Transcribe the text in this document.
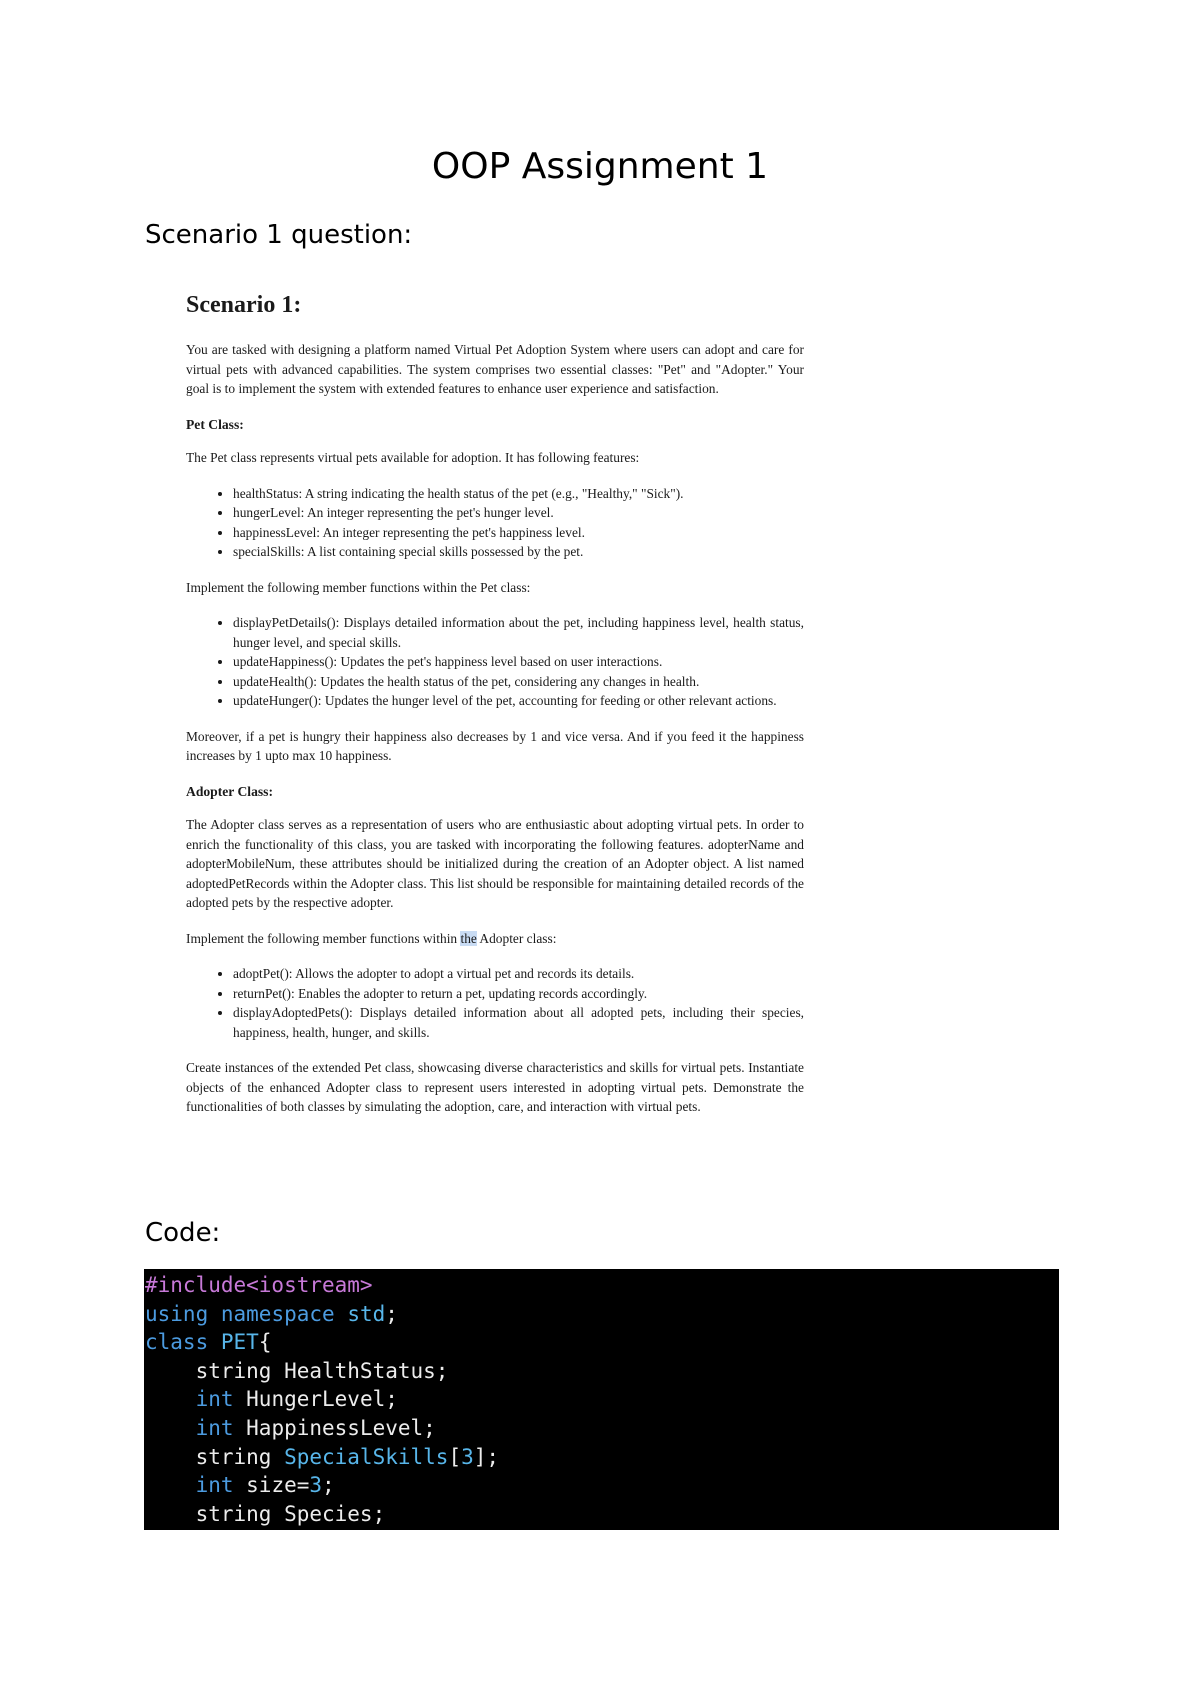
OOP Assignment 1
Scenario 1 question:
Scenario 1:

You are tasked with designing a platform named Virtual Pet Adoption System where users can adopt and care for virtual pets with advanced capabilities. The system comprises two essential classes: "Pet" and "Adopter." Your goal is to implement the system with extended features to enhance user experience and satisfaction.

Pet Class:

The Pet class represents virtual pets available for adoption. It has following features:

• healthStatus: A string indicating the health status of the pet (e.g., "Healthy," "Sick").
• hungerLevel: An integer representing the pet's hunger level.
• happinessLevel: An integer representing the pet's happiness level.
• specialSkills: A list containing special skills possessed by the pet.

Implement the following member functions within the Pet class:

• displayPetDetails(): Displays detailed information about the pet, including happiness level, health status, hunger level, and special skills.
• updateHappiness(): Updates the pet's happiness level based on user interactions.
• updateHealth(): Updates the health status of the pet, considering any changes in health.
• updateHunger(): Updates the hunger level of the pet, accounting for feeding or other relevant actions.

Moreover, if a pet is hungry their happiness also decreases by 1 and vice versa. And if you feed it the happiness increases by 1 upto max 10 happiness.

Adopter Class:

The Adopter class serves as a representation of users who are enthusiastic about adopting virtual pets. In order to enrich the functionality of this class, you are tasked with incorporating the following features. adopterName and adopterMobileNum, these attributes should be initialized during the creation of an Adopter object. A list named adoptedPetRecords within the Adopter class. This list should be responsible for maintaining detailed records of the adopted pets by the respective adopter.

Implement the following member functions within the Adopter class:

• adoptPet(): Allows the adopter to adopt a virtual pet and records its details.
• returnPet(): Enables the adopter to return a pet, updating records accordingly.
• displayAdoptedPets(): Displays detailed information about all adopted pets, including their species, happiness, health, hunger, and skills.

Create instances of the extended Pet class, showcasing diverse characteristics and skills for virtual pets. Instantiate objects of the enhanced Adopter class to represent users interested in adopting virtual pets. Demonstrate the functionalities of both classes by simulating the adoption, care, and interaction with virtual pets.

Code:
#include<iostream>
using namespace std;
class PET{
string HealthStatus;
int HungerLevel;
int HappinessLevel;
string SpecialSkills[3];
int size=3;
string Species;
